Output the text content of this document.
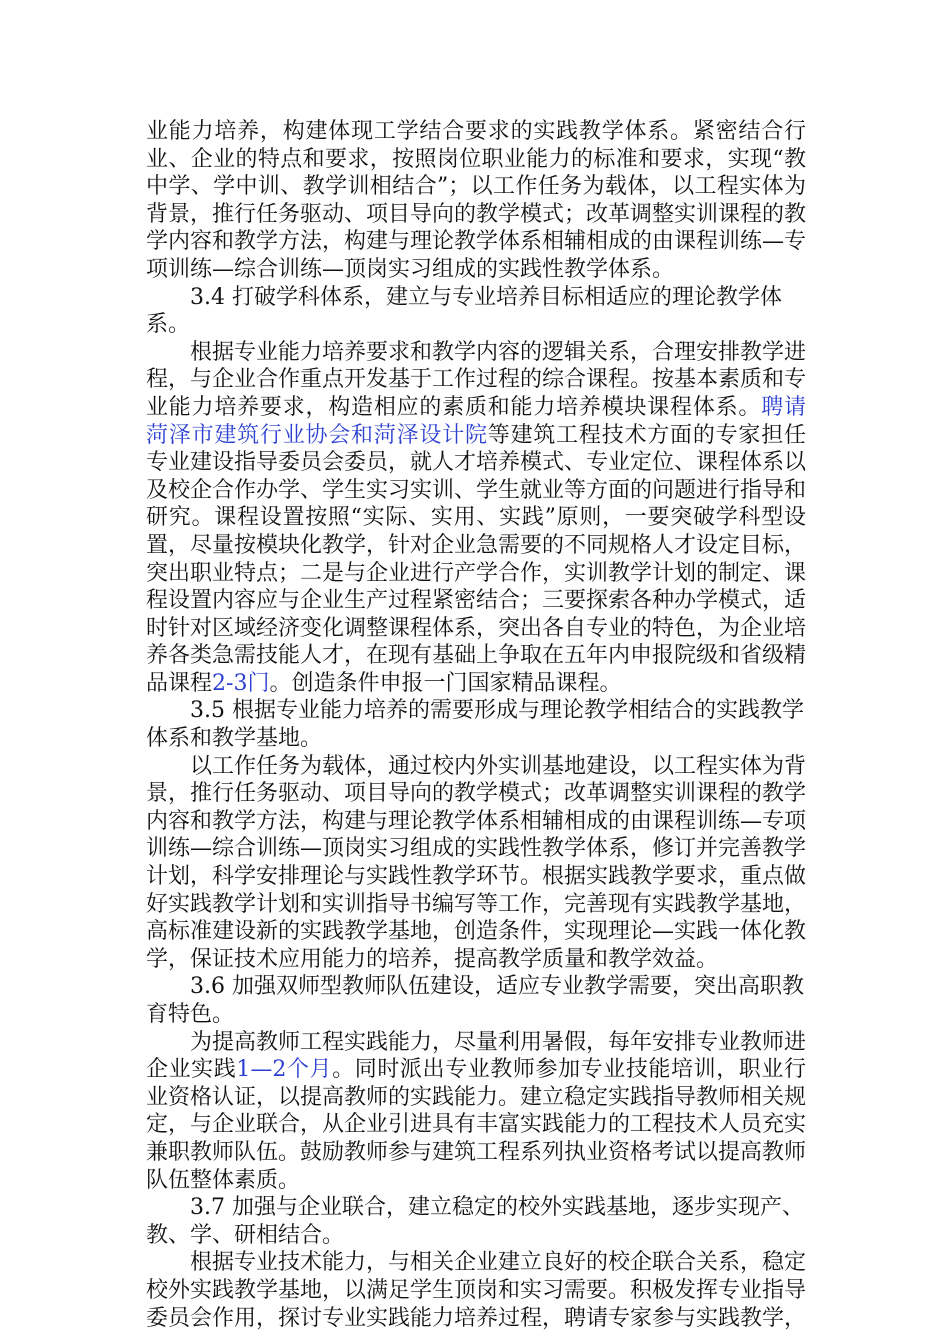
业能力培养，构建体现工学结合要求的实践教学体系。紧密结合行业、企业的特点和要求，按照岗位职业能力的标准和要求，实现“教中学、学中训、教学训相结合”；以工作任务为载体，以工程实体为背景，推行任务驱动、项目导向的教学模式；改革调整实训课程的教学内容和教学方法，构建与理论教学体系相辅相成的由课程训练—专项训练—综合训练—顶岗实习组成的实践性教学体系。

3.4 打破学科体系，建立与专业培养目标相适应的理论教学体系。

根据专业能力培养要求和教学内容的逻辑关系，合理安排教学进程，与企业合作重点开发基于工作过程的综合课程。按基本素质和专业能力培养要求，构造相应的素质和能力培养模块课程体系。聘请菏泽市建筑行业协会和菏泽设计院等建筑工程技术方面的专家担任专业建设指导委员会委员，就人才培养模式、专业定位、课程体系以及校企合作办学、学生实习实训、学生就业等方面的问题进行指导和研究。课程设置按照“实际、实用、实践”原则，一要突破学科型设置，尽量按模块化教学，针对企业急需要的不同规格人才设定目标，突出职业特点；二是与企业进行产学合作，实训教学计划的制定、课程设置内容应与企业生产过程紧密结合；三要探索各种办学模式，适时针对区域经济变化调整课程体系，突出各自专业的特色，为企业培养各类急需技能人才，在现有基础上争取在五年内申报院级和省级精品课程2-3门。创造条件申报一门国家精品课程。

3.5 根据专业能力培养的需要形成与理论教学相结合的实践教学体系和教学基地。

以工作任务为载体，通过校内外实训基地建设，以工程实体为背景，推行任务驱动、项目导向的教学模式；改革调整实训课程的教学内容和教学方法，构建与理论教学体系相辅相成的由课程训练—专项训练—综合训练—顶岗实习组成的实践性教学体系，修订并完善教学计划，科学安排理论与实践性教学环节。根据实践教学要求，重点做好实践教学计划和实训指导书编写等工作，完善现有实践教学基地，高标准建设新的实践教学基地，创造条件，实现理论—实践一体化教学，保证技术应用能力的培养，提高教学质量和教学效益。

3.6 加强双师型教师队伍建设，适应专业教学需要，突出高职教育特色。

为提高教师工程实践能力，尽量利用暑假，每年安排专业教师进企业实践1—2个月。同时派出专业教师参加专业技能培训，职业行业资格认证，以提高教师的实践能力。建立稳定实践指导教师相关规定，与企业联合，从企业引进具有丰富实践能力的工程技术人员充实兼职教师队伍。鼓励教师参与建筑工程系列执业资格考试以提高教师队伍整体素质。

3.7 加强与企业联合，建立稳定的校外实践基地，逐步实现产、教、学、研相结合。

根据专业技术能力，与相关企业建立良好的校企联合关系，稳定校外实践教学基地，以满足学生顶岗和实习需要。积极发挥专业指导委员会作用，探讨专业实践能力培养过程，聘请专家参与实践教学，
